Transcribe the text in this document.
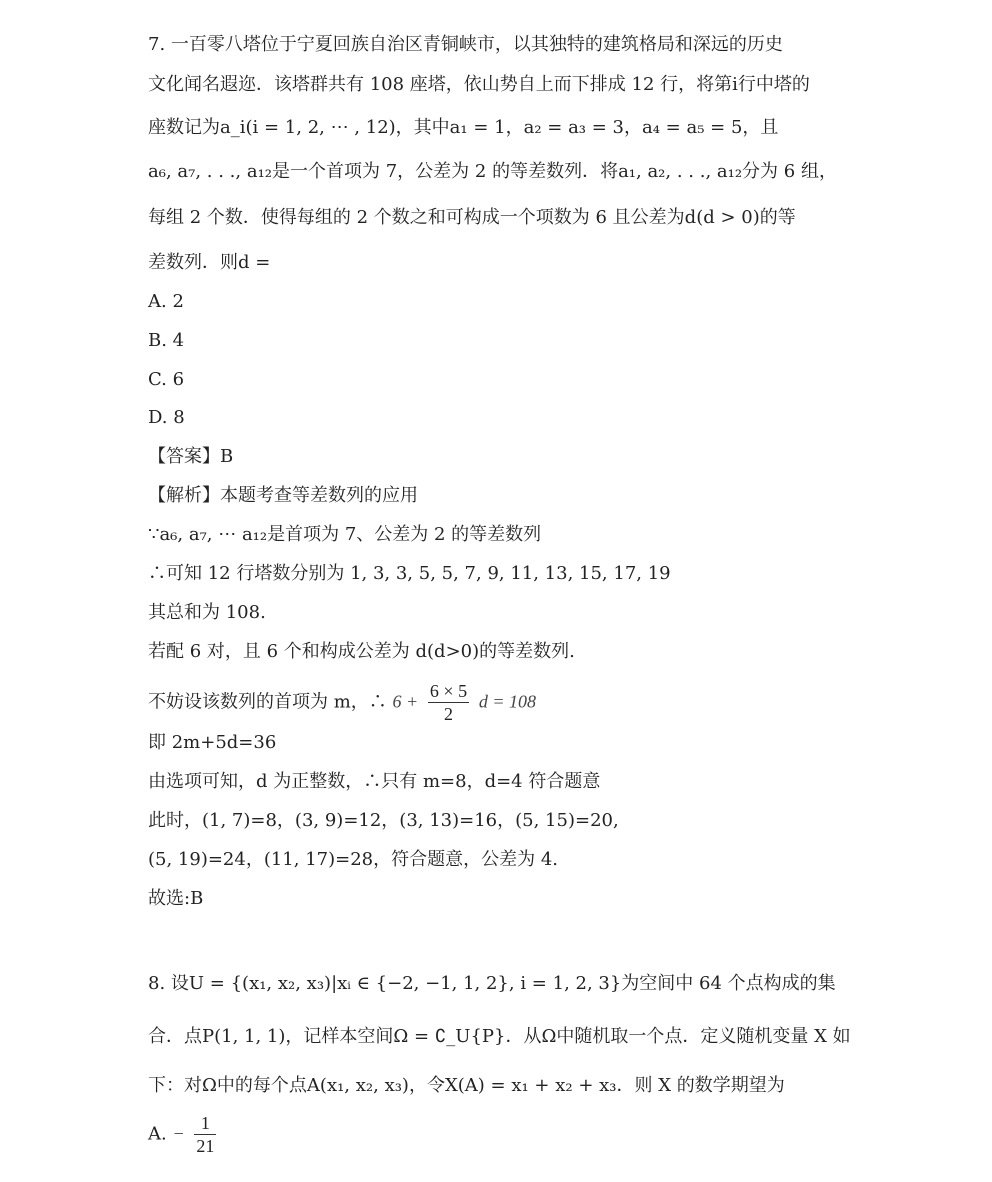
7. 一百零八塔位于宁夏回族自治区青铜峡市，以其独特的建筑格局和深远的历史
文化闻名遐迩．该塔群共有 108 座塔，依山势自上而下排成 12 行，将第i行中塔的
座数记为a_i(i = 1, 2, ⋯ , 12)，其中a₁ = 1，a₂ = a₃ = 3，a₄ = a₅ = 5，且
a₆, a₇, . . ., a₁₂是一个首项为 7，公差为 2 的等差数列．将a₁, a₂, . . ., a₁₂分为 6 组，
每组 2 个数．使得每组的 2 个数之和可构成一个项数为 6 且公差为d(d > 0)的等
差数列．则d =
A. 2
B. 4
C. 6
D. 8
【答案】B
【解析】本题考查等差数列的应用
∵a₆, a₇, ⋯ a₁₂是首项为 7、公差为 2 的等差数列
∴可知 12 行塔数分别为 1, 3, 3, 5, 5, 7, 9, 11, 13, 15, 17, 19
其总和为 108.
若配 6 对，且 6 个和构成公差为 d(d>0)的等差数列.
不妨设该数列的首项为 m，∴ $6 + \frac{6 \times 5}{2}$ d = 108
即 2m+5d=36
由选项可知，d 为正整数，∴只有 m=8，d=4 符合题意
此时，(1, 7)=8，(3, 9)=12，(3, 13)=16，(5, 15)=20,
(5, 19)=24，(11, 17)=28，符合题意，公差为 4.
故选:B
8. 设U = {(x₁, x₂, x₃)|xᵢ ∈ {−2, −1, 1, 2}, i = 1, 2, 3}为空间中 64 个点构成的集
合．点P(1, 1, 1)，记样本空间Ω = ∁_U{P}．从Ω中随机取一个点．定义随机变量 X 如
下：对Ω中的每个点A(x₁, x₂, x₃)，令X(A) = x₁ + x₂ + x₃．则 X 的数学期望为
A. − $\frac{1}{21}$
